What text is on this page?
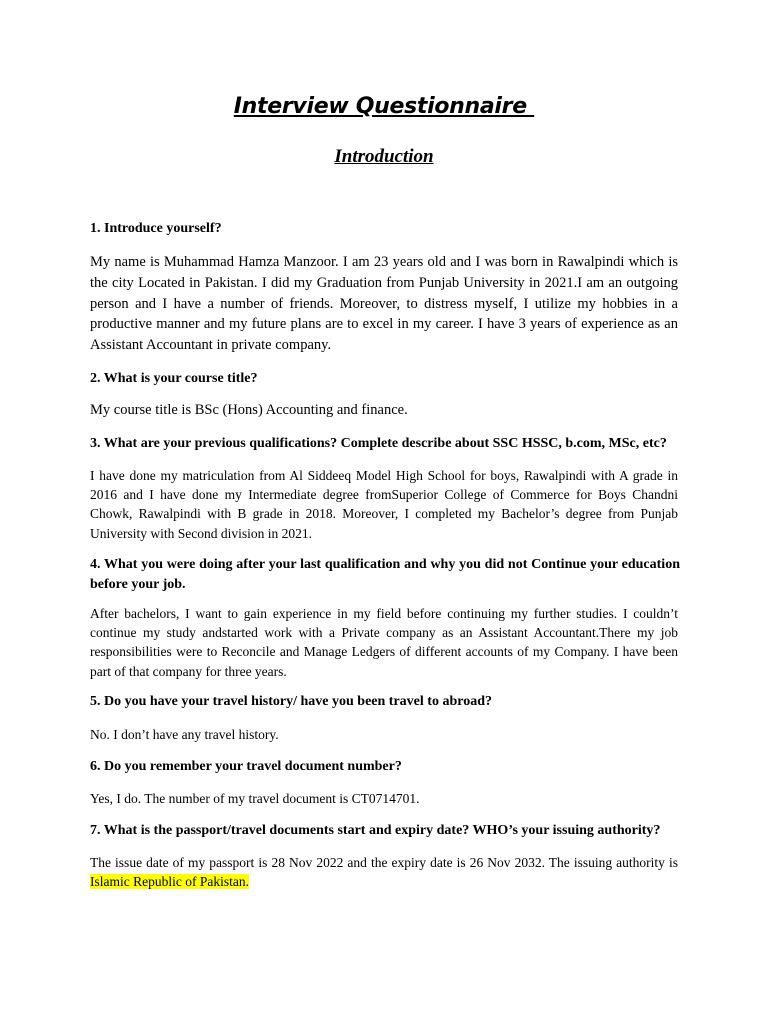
Interview Questionnaire
Introduction
1. Introduce yourself?
My name is Muhammad Hamza Manzoor. I am 23 years old and I was born in Rawalpindi which is the city Located in Pakistan. I did my Graduation from Punjab University in 2021.I am an outgoing person and I have a number of friends. Moreover, to distress myself, I utilize my hobbies in a productive manner and my future plans are to excel in my career. I have 3 years of experience as an Assistant Accountant in private company.
2. What is your course title?
My course title is BSc (Hons) Accounting and finance.
3. What are your previous qualifications? Complete describe about SSC HSSC, b.com, MSc, etc?
I have done my matriculation from Al Siddeeq Model High School for boys, Rawalpindi with A grade in 2016 and I have done my Intermediate degree fromSuperior College of Commerce for Boys Chandni Chowk, Rawalpindi with B grade in 2018. Moreover, I completed my Bachelor’s degree from Punjab University with Second division in 2021.
4. What you were doing after your last qualification and why you did not Continue your education before your job.
After bachelors, I want to gain experience in my field before continuing my further studies. I couldn’t continue my study andstarted work with a Private company as an Assistant Accountant.There my job responsibilities were to Reconcile and Manage Ledgers of different accounts of my Company. I have been part of that company for three years.
5. Do you have your travel history/ have you been travel to abroad?
No. I don’t have any travel history.
6. Do you remember your travel document number?
Yes, I do. The number of my travel document is CT0714701.
7. What is the passport/travel documents start and expiry date? WHO’s your issuing authority?
The issue date of my passport is 28 Nov 2022 and the expiry date is 26 Nov 2032. The issuing authority is Islamic Republic of Pakistan.
